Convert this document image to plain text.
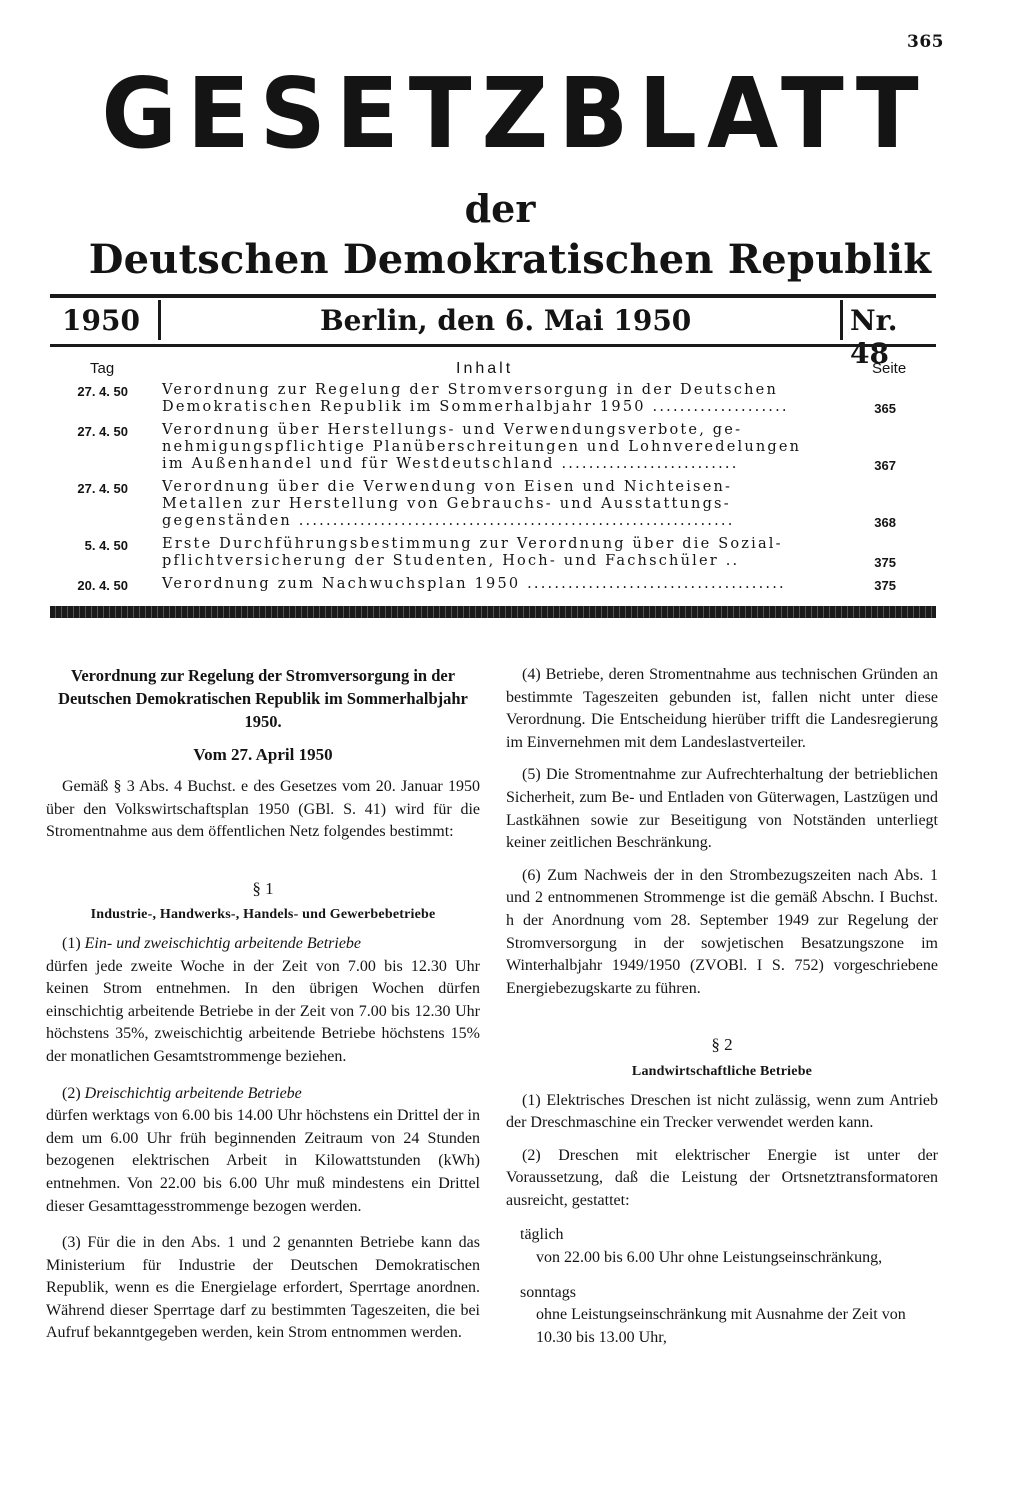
365
GESETZBLATT
der
Deutschen Demokratischen Republik
1950	Berlin, den 6. Mai 1950	Nr. 48
Tag	Inhalt	Seite
27. 4. 50 Verordnung zur Regelung der Stromversorgung in der Deutschen
Demokratischen Republik im Sommerhalbjahr 1950 ....................	365
27. 4. 50 Verordnung über Herstellungs- und Verwendungsverbote, ge-
nehmigungspflichtige Planüberschreitungen und Lohnveredelungen
im Außenhandel und für Westdeutschland ..........................	367
27. 4. 50 Verordnung über die Verwendung von Eisen und Nichteisen-
Metallen zur Herstellung von Gebrauchs- und Ausstattungs-
gegenständen ................................................................	368
5. 4. 50 Erste Durchführungsbestimmung zur Verordnung über die Sozial-
pflichtversicherung der Studenten, Hoch- und Fachschüler ..	375
20. 4. 50 Verordnung zum Nachwuchsplan 1950 ......................................	375

Verordnung zur Regelung der Stromversorgung in der Deutschen Demokratischen Republik im Sommerhalbjahr 1950.

Vom 27. April 1950

Gemäß § 3 Abs. 4 Buchst. e des Gesetzes vom 20. Januar 1950 über den Volkswirtschaftsplan 1950 (GBl. S. 41) wird für die Stromentnahme aus dem öffentlichen Netz folgendes bestimmt:

§ 1

Industrie-, Handwerks-, Handels- und Gewerbebetriebe

(1) Ein- und zweischichtig arbeitende Betriebe

dürfen jede zweite Woche in der Zeit von 7.00 bis 12.30 Uhr keinen Strom entnehmen. In den übrigen Wochen dürfen einschichtig arbeitende Betriebe in der Zeit von 7.00 bis 12.30 Uhr höchstens 35%, zweischichtig arbeitende Betriebe höchstens 15% der monatlichen Gesamtstrommenge beziehen.

(2) Dreischichtig arbeitende Betriebe

dürfen werktags von 6.00 bis 14.00 Uhr höchstens ein Drittel der in dem um 6.00 Uhr früh beginnenden Zeitraum von 24 Stunden bezogenen elektrischen Arbeit in Kilowattstunden (kWh) entnehmen. Von 22.00 bis 6.00 Uhr muß mindestens ein Drittel dieser Gesamttagesstrommenge bezogen werden.

(3) Für die in den Abs. 1 und 2 genannten Betriebe kann das Ministerium für Industrie der Deutschen Demokratischen Republik, wenn es die Energielage erfordert, Sperrtage anordnen. Während dieser Sperrtage darf zu bestimmten Tageszeiten, die bei Aufruf bekanntgegeben werden, kein Strom entnommen werden.

(4) Betriebe, deren Stromentnahme aus technischen Gründen an bestimmte Tageszeiten gebunden ist, fallen nicht unter diese Verordnung. Die Entscheidung hierüber trifft die Landesregierung im Einvernehmen mit dem Landeslastverteiler.

(5) Die Stromentnahme zur Aufrechterhaltung der betrieblichen Sicherheit, zum Be- und Entladen von Güterwagen, Lastzügen und Lastkähnen sowie zur Beseitigung von Notständen unterliegt keiner zeitlichen Beschränkung.

(6) Zum Nachweis der in den Strombezugszeiten nach Abs. 1 und 2 entnommenen Strommenge ist die gemäß Abschn. I Buchst. h der Anordnung vom 28. September 1949 zur Regelung der Stromversorgung in der sowjetischen Besatzungszone im Winterhalbjahr 1949/1950 (ZVOBl. I S. 752) vorgeschriebene Energiebezugskarte zu führen.

§ 2

Landwirtschaftliche Betriebe

(1) Elektrisches Dreschen ist nicht zulässig, wenn zum Antrieb der Dreschmaschine ein Trecker verwendet werden kann.

(2) Dreschen mit elektrischer Energie ist unter der Voraussetzung, daß die Leistung der Ortsnetztransformatoren ausreicht, gestattet:

täglich

von 22.00 bis 6.00 Uhr ohne Leistungseinschränkung,

sonntags

ohne Leistungseinschränkung mit Ausnahme der Zeit von 10.30 bis 13.00 Uhr,
